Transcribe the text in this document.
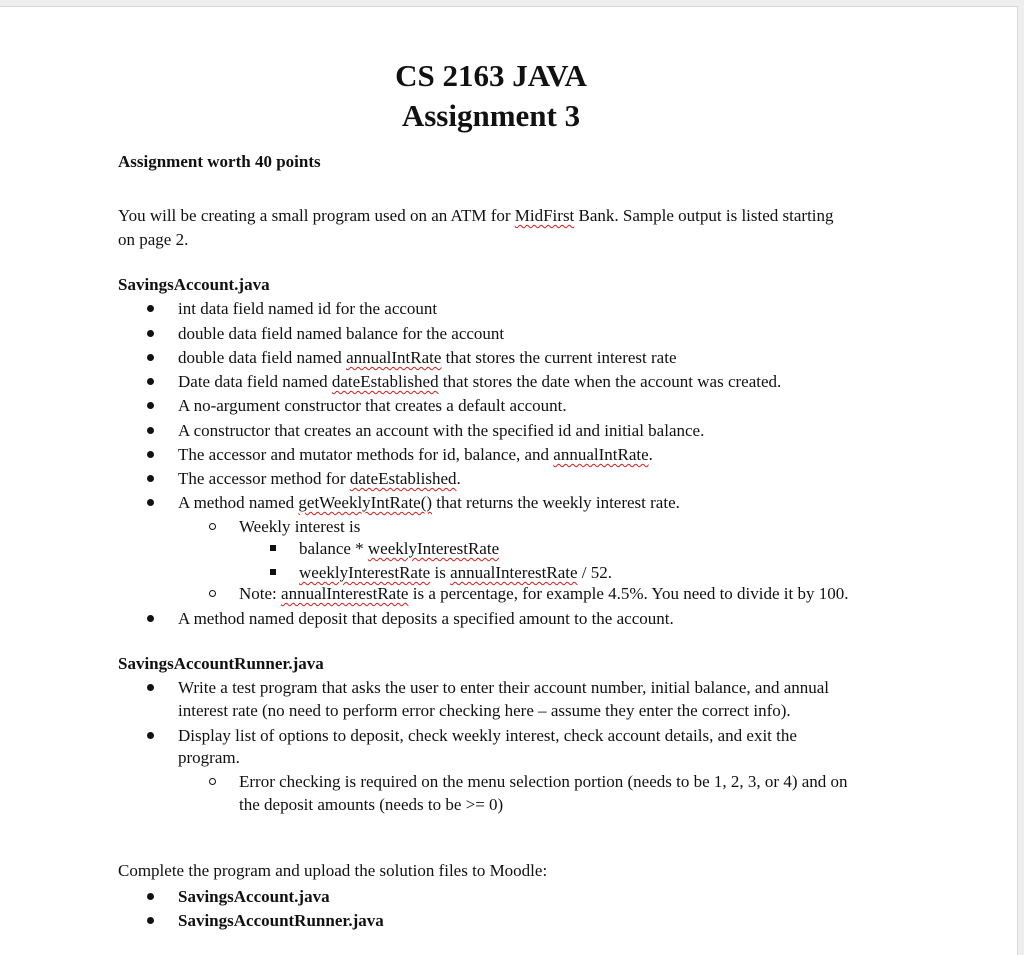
CS 2163 JAVA
Assignment 3
Assignment worth 40 points
You will be creating a small program used on an ATM for MidFirst Bank. Sample output is listed starting
on page 2.
SavingsAccount.java
int data field named id for the account
double data field named balance for the account
double data field named annualIntRate that stores the current interest rate
Date data field named dateEstablished that stores the date when the account was created.
A no-argument constructor that creates a default account.
A constructor that creates an account with the specified id and initial balance.
The accessor and mutator methods for id, balance, and annualIntRate.
The accessor method for dateEstablished.
A method named getWeeklyIntRate() that returns the weekly interest rate.
Weekly interest is
balance * weeklyInterestRate
weeklyInterestRate is annualInterestRate / 52.
Note: annualInterestRate is a percentage, for example 4.5%. You need to divide it by 100.
A method named deposit that deposits a specified amount to the account.
SavingsAccountRunner.java
Write a test program that asks the user to enter their account number, initial balance, and annual
interest rate (no need to perform error checking here – assume they enter the correct info).
Display list of options to deposit, check weekly interest, check account details, and exit the
program.
Error checking is required on the menu selection portion (needs to be 1, 2, 3, or 4) and on
the deposit amounts (needs to be >= 0)
Complete the program and upload the solution files to Moodle:
SavingsAccount.java
SavingsAccountRunner.java
